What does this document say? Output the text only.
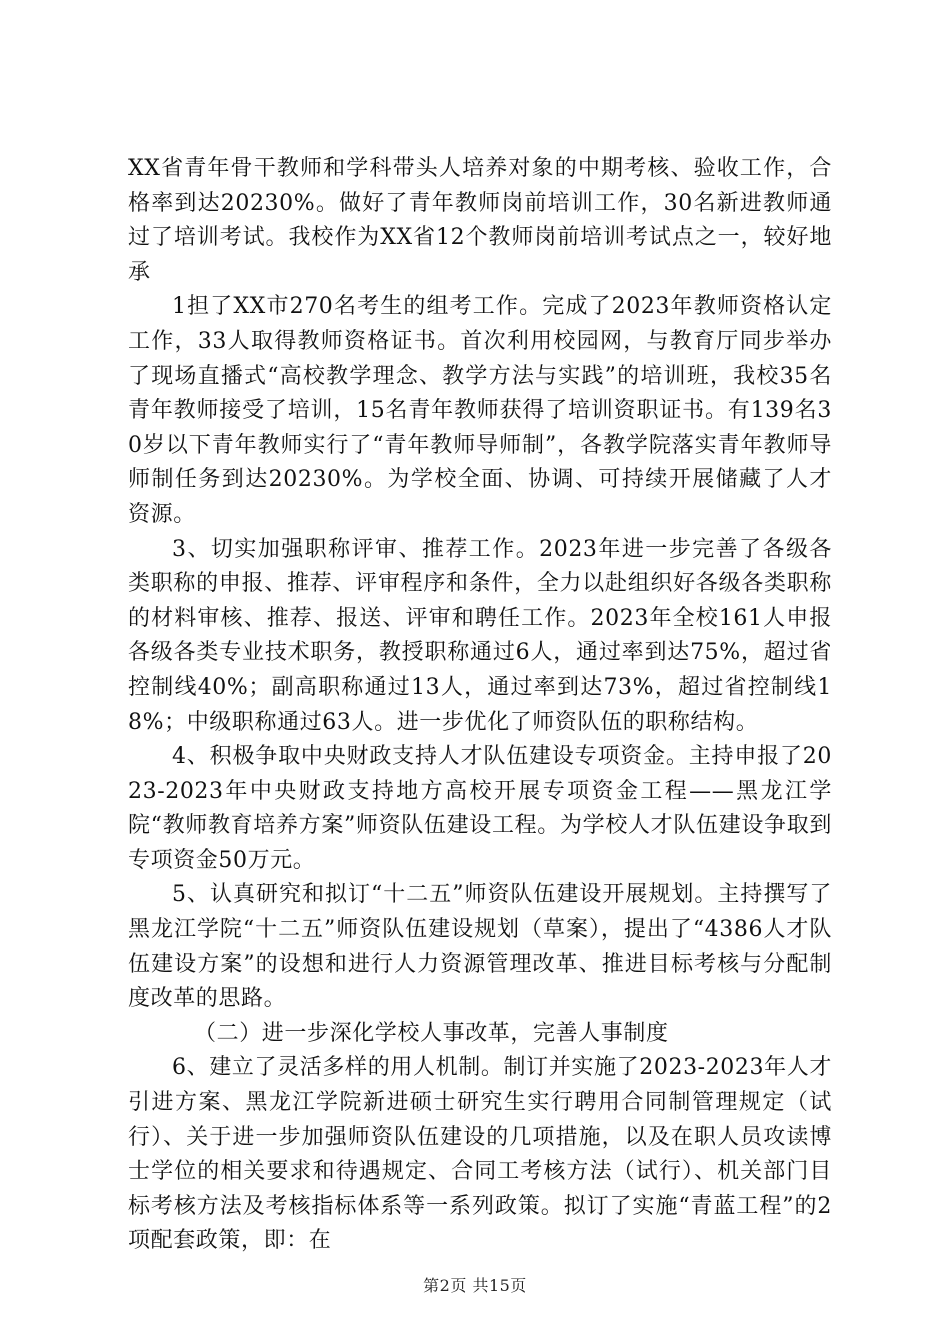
XX省青年骨干教师和学科带头人培养对象的中期考核、验收工作，合格率到达20230%。做好了青年教师岗前培训工作，30名新进教师通过了培训考试。我校作为XX省12个教师岗前培训考试点之一，较好地承

1担了XX市270名考生的组考工作。完成了2023年教师资格认定工作，33人取得教师资格证书。首次利用校园网，与教育厅同步举办了现场直播式“高校教学理念、教学方法与实践”的培训班，我校35名青年教师接受了培训，15名青年教师获得了培训资职证书。有139名30岁以下青年教师实行了“青年教师导师制”，各教学院落实青年教师导师制任务到达20230%。为学校全面、协调、可持续开展储藏了人才资源。

3、切实加强职称评审、推荐工作。2023年进一步完善了各级各类职称的申报、推荐、评审程序和条件，全力以赴组织好各级各类职称的材料审核、推荐、报送、评审和聘任工作。2023年全校161人申报各级各类专业技术职务，教授职称通过6人，通过率到达75%，超过省控制线40%；副高职称通过13人，通过率到达73%，超过省控制线18%；中级职称通过63人。进一步优化了师资队伍的职称结构。

4、积极争取中央财政支持人才队伍建设专项资金。主持申报了2023-2023年中央财政支持地方高校开展专项资金工程——黑龙江学院“教师教育培养方案”师资队伍建设工程。为学校人才队伍建设争取到专项资金50万元。

5、认真研究和拟订“十二五”师资队伍建设开展规划。主持撰写了黑龙江学院“十二五”师资队伍建设规划（草案），提出了“4386人才队伍建设方案”的设想和进行人力资源管理改革、推进目标考核与分配制度改革的思路。

（二）进一步深化学校人事改革，完善人事制度

6、建立了灵活多样的用人机制。制订并实施了2023-2023年人才引进方案、黑龙江学院新进硕士研究生实行聘用合同制管理规定（试行）、关于进一步加强师资队伍建设的几项措施，以及在职人员攻读博士学位的相关要求和待遇规定、合同工考核方法（试行）、机关部门目标考核方法及考核指标体系等一系列政策。拟订了实施“青蓝工程”的2项配套政策，即：在

第2页 共15页
